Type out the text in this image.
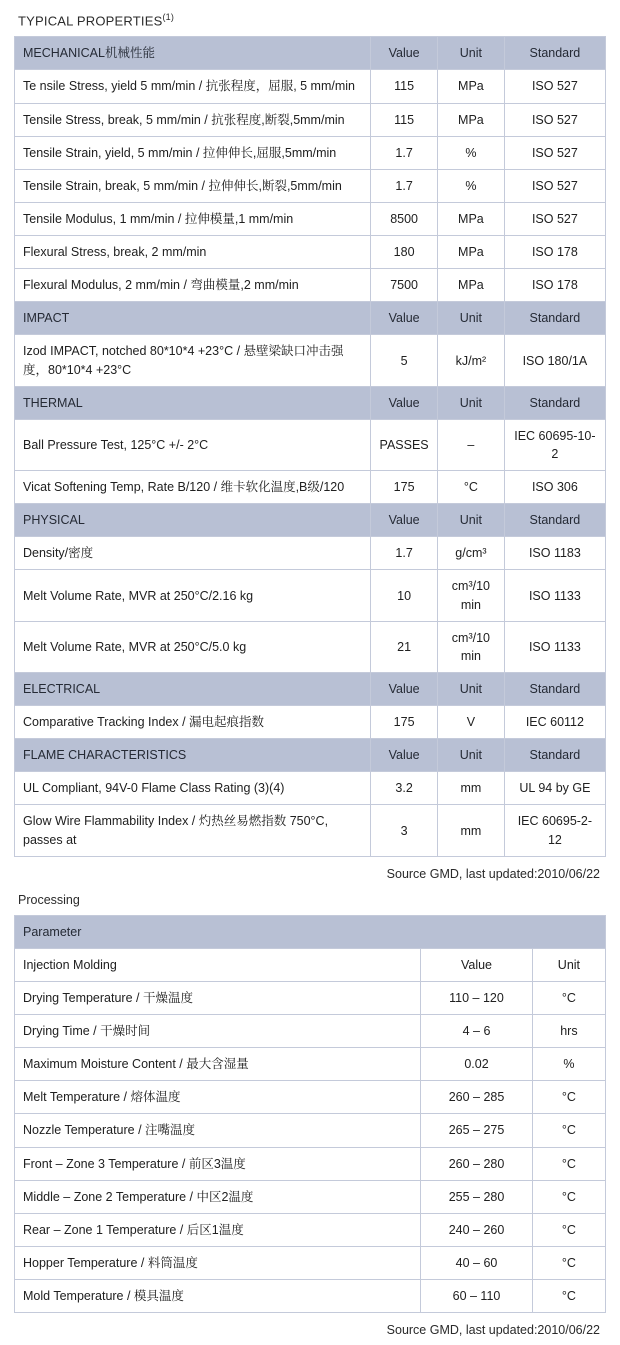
TYPICAL PROPERTIES$^{(1)}$
MECHANICAL机械性能	Value	Unit	Standard
Te nsile Stress, yield 5 mm/min / 抗张程度，屈服, 5 mm/min	115	MPa	ISO 527
Tensile Stress, break, 5 mm/min / 抗张程度,断裂,5mm/min	115	MPa	ISO 527
Tensile Strain, yield, 5 mm/min / 拉伸伸长,屈服,5mm/min	1.7	%	ISO 527
Tensile Strain, break, 5 mm/min / 拉伸伸长,断裂,5mm/min	1.7	%	ISO 527
Tensile Modulus, 1 mm/min / 拉伸模量,1 mm/min	8500	MPa	ISO 527
Flexural Stress, break, 2 mm/min	180	MPa	ISO 178
Flexural Modulus, 2 mm/min / 弯曲模量,2 mm/min	7500	MPa	ISO 178
IMPACT	Value	Unit	Standard
Izod IMPACT, notched 80*10*4 +23°C / 悬壁梁缺口冲击强度，80*10*4 +23°C	5	kJ/m²	ISO 180/1A
THERMAL	Value	Unit	Standard
Ball Pressure Test, 125°C +/- 2°C	PASSES	–	IEC 60695-10-2
Vicat Softening Temp, Rate B/120 / 维卡软化温度,B级/120	175	°C	ISO 306
PHYSICAL	Value	Unit	Standard
Density/密度	1.7	g/cm³	ISO 1183
Melt Volume Rate, MVR at 250°C/2.16 kg	10	cm³/10 min	ISO 1133
Melt Volume Rate, MVR at 250°C/5.0 kg	21	cm³/10 min	ISO 1133
ELECTRICAL	Value	Unit	Standard
Comparative Tracking Index / 漏电起痕指数	175	V	IEC 60112
FLAME CHARACTERISTICS	Value	Unit	Standard
UL Compliant, 94V-0 Flame Class Rating (3)(4)	3.2	mm	UL 94 by GE
Glow Wire Flammability Index / 灼热丝易燃指数 750°C, passes at	3	mm	IEC 60695-2-12
Source GMD, last updated:2010/06/22
Processing
Parameter		
Injection Molding	Value	Unit
Drying Temperature / 干燥温度	110 – 120	°C
Drying Time / 干燥时间	4 – 6	hrs
Maximum Moisture Content / 最大含湿量	0.02	%
Melt Temperature / 熔体温度	260 – 285	°C
Nozzle Temperature / 注嘴温度	265 – 275	°C
Front – Zone 3 Temperature / 前区3温度	260 – 280	°C
Middle – Zone 2 Temperature / 中区2温度	255 – 280	°C
Rear – Zone 1 Temperature / 后区1温度	240 – 260	°C
Hopper Temperature / 料筒温度	40 – 60	°C
Mold Temperature / 模具温度	60 – 110	°C
Source GMD, last updated:2010/06/22
